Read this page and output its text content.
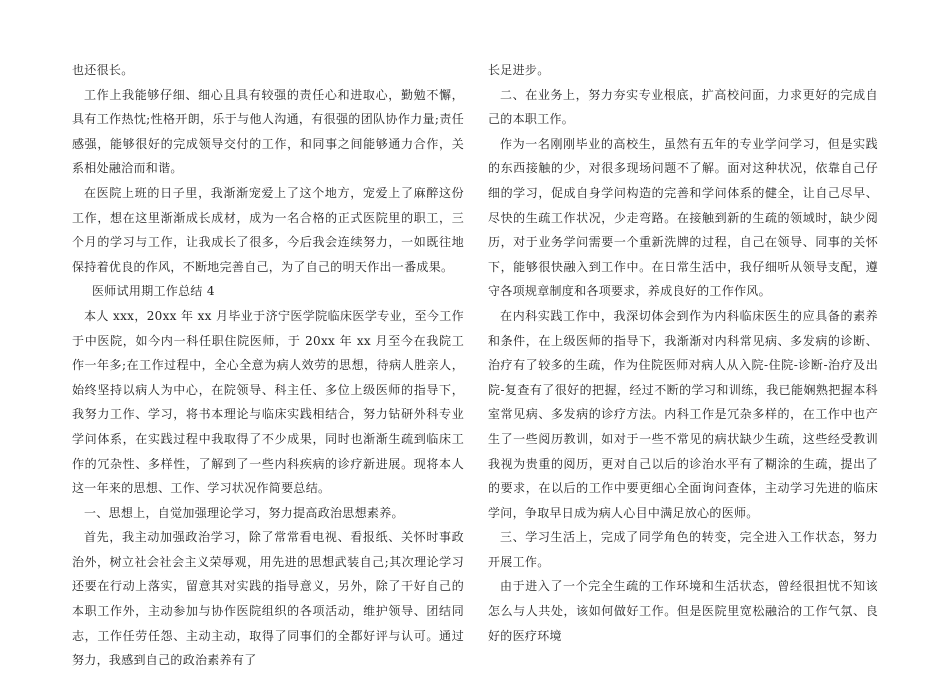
也还很长。

工作上我能够仔细、细心且具有较强的责任心和进取心，勤勉不懈，具有工作热忱;性格开朗，乐于与他人沟通，有很强的团队协作力量;责任感强，能够很好的完成领导交付的工作，和同事之间能够通力合作，关系相处融洽而和谐。

在医院上班的日子里，我渐渐宠爱上了这个地方，宠爱上了麻醉这份工作，想在这里渐渐成长成材，成为一名合格的正式医院里的职工，三个月的学习与工作，让我成长了很多，今后我会连续努力，一如既往地保持着优良的作风，不断地完善自己，为了自己的明天作出一番成果。

医师试用期工作总结 4

本人 xxx，20xx 年 xx 月毕业于济宁医学院临床医学专业，至今工作于中医院，如今内一科任职住院医师，于 20xx 年 xx 月至今在我院工作一年多;在工作过程中，全心全意为病人效劳的思想，待病人胜亲人，始终坚持以病人为中心，在院领导、科主任、多位上级医师的指导下，我努力工作、学习，将书本理论与临床实践相结合，努力钻研外科专业学问体系，在实践过程中我取得了不少成果，同时也渐渐生疏到临床工作的冗杂性、多样性，了解到了一些内科疾病的诊疗新进展。现将本人这一年来的思想、工作、学习状况作简要总结。

一、思想上，自觉加强理论学习，努力提高政治思想素养。

首先，我主动加强政治学习，除了常常看电视、看报纸、关怀时事政治外，树立社会社会主义荣辱观，用先进的思想武装自己;其次理论学习还要在行动上落实，留意其对实践的指导意义，另外，除了干好自己的本职工作外，主动参加与协作医院组织的各项活动，维护领导、团结同志，工作任劳任怨、主动主动，取得了同事们的全都好评与认可。通过努力，我感到自己的政治素养有了

长足进步。

二、在业务上，努力夯实专业根底，扩高校问面，力求更好的完成自己的本职工作。

作为一名刚刚毕业的高校生，虽然有五年的专业学问学习，但是实践的东西接触的少，对很多现场问题不了解。面对这种状况，依靠自己仔细的学习，促成自身学问构造的完善和学问体系的健全，让自己尽早、尽快的生疏工作状况，少走弯路。在接触到新的生疏的领域时，缺少阅历，对于业务学问需要一个重新洗牌的过程，自己在领导、同事的关怀下，能够很快融入到工作中。在日常生活中，我仔细听从领导支配，遵守各项规章制度和各项要求，养成良好的工作作风。

在内科实践工作中，我深切体会到作为内科临床医生的应具备的素养和条件，在上级医师的指导下，我渐渐对内科常见病、多发病的诊断、治疗有了较多的生疏，作为住院医师对病人从入院-住院-诊断-治疗及出院-复查有了很好的把握，经过不断的学习和训练，我已能娴熟把握本科室常见病、多发病的诊疗方法。内科工作是冗杂多样的，在工作中也产生了一些阅历教训，如对于一些不常见的病状缺少生疏，这些经受教训我视为贵重的阅历，更对自己以后的诊治水平有了糊涂的生疏，提出了的要求，在以后的工作中要更细心全面询问查体，主动学习先进的临床学问，争取早日成为病人心目中满足放心的医师。

三、学习生活上，完成了同学角色的转变，完全进入工作状态，努力开展工作。

由于进入了一个完全生疏的工作环境和生活状态，曾经很担忧不知该怎么与人共处，该如何做好工作。但是医院里宽松融洽的工作气氛、良好的医疗环境
